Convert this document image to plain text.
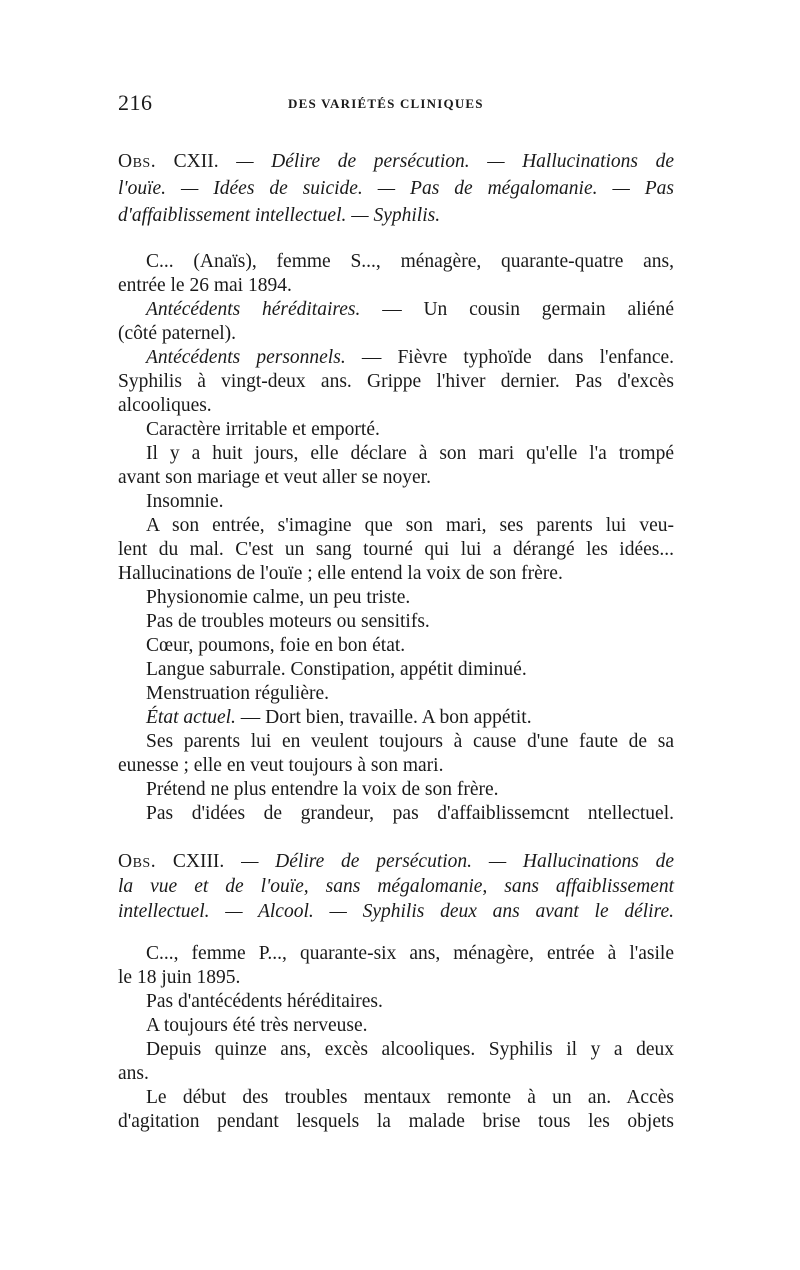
216	DES VARIÉTÉS CLINIQUES
Obs. CXII. — Délire de persécution. — Hallucinations de
l'ouïe. — Idées de suicide. — Pas de mégalomanie. — Pas
d'affaiblissement intellectuel. — Syphilis.
C... (Anaïs), femme S..., ménagère, quarante-quatre ans,
entrée le 26 mai 1894.
Antécédents héréditaires. — Un cousin germain aliéné
(côté paternel).
Antécédents personnels. — Fièvre typhoïde dans l'enfance.
Syphilis à vingt-deux ans. Grippe l'hiver dernier. Pas d'excès
alcooliques.
Caractère irritable et emporté.
Il y a huit jours, elle déclare à son mari qu'elle l'a trompé
avant son mariage et veut aller se noyer.
Insomnie.
A son entrée, s'imagine que son mari, ses parents lui veu-
lent du mal. C'est un sang tourné qui lui a dérangé les idées...
Hallucinations de l'ouïe ; elle entend la voix de son frère.
Physionomie calme, un peu triste.
Pas de troubles moteurs ou sensitifs.
Cœur, poumons, foie en bon état.
Langue saburrale. Constipation, appétit diminué.
Menstruation régulière.
État actuel. — Dort bien, travaille. A bon appétit.
Ses parents lui en veulent toujours à cause d'une faute de sa
eunesse ; elle en veut toujours à son mari.
Prétend ne plus entendre la voix de son frère.
Pas d'idées de grandeur, pas d'affaiblissemcnt ntellectuel.
Obs. CXIII. — Délire de persécution. — Hallucinations de
la vue et de l'ouïe, sans mégalomanie, sans affaiblissement
intellectuel. — Alcool. — Syphilis deux ans avant le délire.
C..., femme P..., quarante-six ans, ménagère, entrée à l'asile
le 18 juin 1895.
Pas d'antécédents héréditaires.
A toujours été très nerveuse.
Depuis quinze ans, excès alcooliques. Syphilis il y a deux
ans.
Le début des troubles mentaux remonte à un an. Accès
d'agitation pendant lesquels la malade brise tous les objets
